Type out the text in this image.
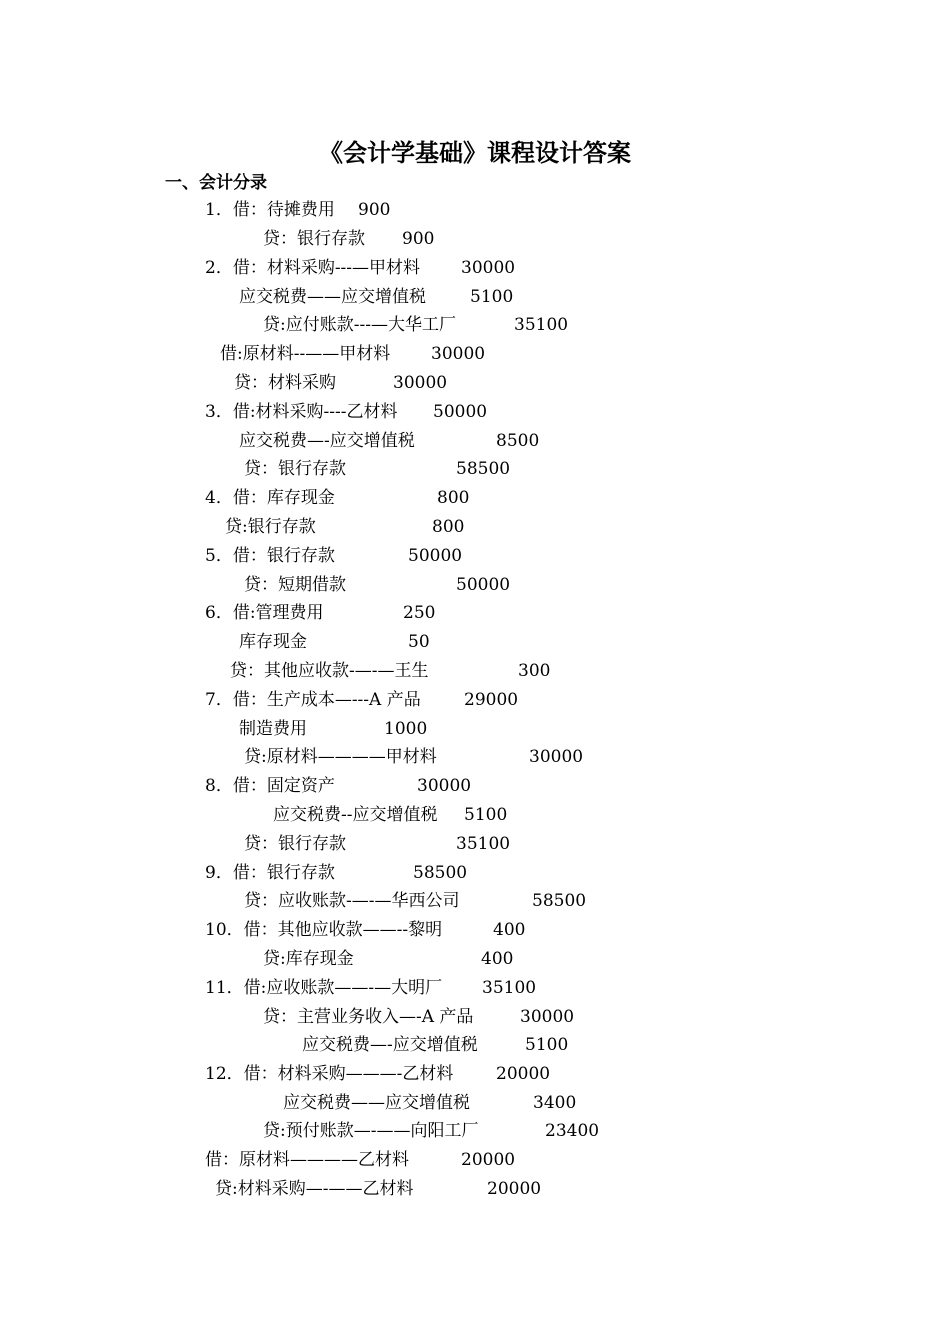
《会计学基础》课程设计答案
一、会计分录
1．借：待摊费用 900
贷：银行存款 900
2．借：材料采购---—甲材料 30000
应交税费——应交增值税	5100
贷:应付账款---—大华工厂	35100
借:原材料--——甲材料 30000
贷：材料采购	30000
3．借:材料采购----乙材料 50000
应交税费—-应交增值税	8500
贷：银行存款	58500
4．借：库存现金	800
贷:银行存款	800
5．借：银行存款	50000
贷：短期借款	50000
6．借:管理费用	250
库存现金	50
贷：其他应收款-—-—王生	300
7．借：生产成本—---A 产品	29000
制造费用	1000
贷:原材料————甲材料	30000
8．借：固定资产	30000
应交税费--应交增值税 5100
贷：银行存款	35100
9．借：银行存款	58500
贷：应收账款-—-—华西公司	58500
10．借：其他应收款——--黎明	400
贷:库存现金	400
11．借:应收账款——-—大明厂 35100
贷：主营业务收入—-A 产品	30000
应交税费—-应交增值税	5100
12．借：材料采购———-乙材料	20000
应交税费——应交增值税	3400
贷:预付账款—-——向阳工厂	23400
借：原材料————乙材料	20000
贷:材料采购—-——乙材料	20000
